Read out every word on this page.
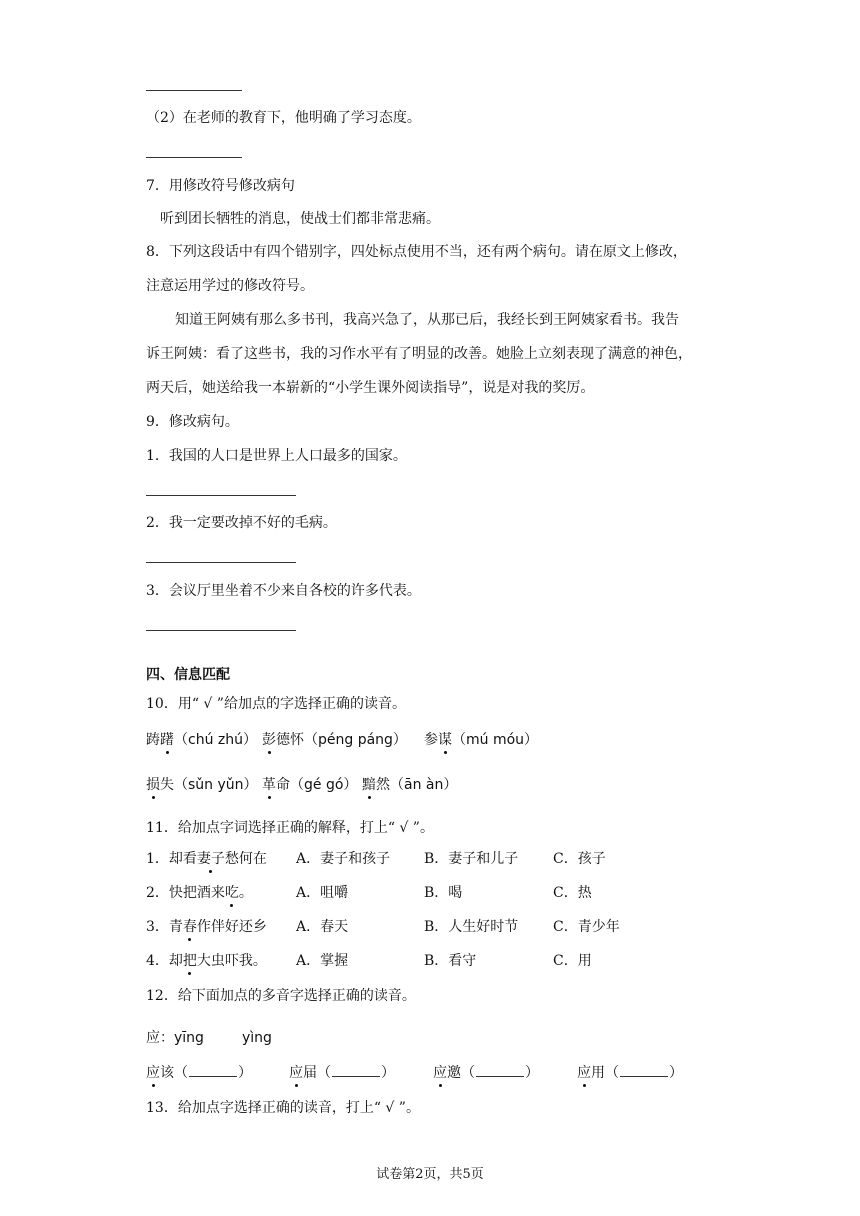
（2）在老师的教育下，他明确了学习态度。
7．用修改符号修改病句
听到团长牺牲的消息，使战士们都非常悲痛。
8．下列这段话中有四个错别字，四处标点使用不当，还有两个病句。请在原文上修改，
注意运用学过的修改符号。
知道王阿姨有那么多书刊，我高兴急了，从那已后，我经长到王阿姨家看书。我告
诉王阿姨：看了这些书，我的习作水平有了明显的改善。她脸上立刻表现了满意的神色，
两天后，她送给我一本崭新的“小学生课外阅读指导”，说是对我的奖厉。
9．修改病句。
1．我国的人口是世界上人口最多的国家。
2．我一定要改掉不好的毛病。
3．会议厅里坐着不少来自各校的许多代表。
四、信息匹配
10．用“ √ ”给加点的字选择正确的读音。
踌躇（chú zhú） 彭德怀（péng páng） 参谋（mú móu）
损失（sǔn yǔn） 革命（gé gó） 黯然（ān àn）
11．给加点字词选择正确的解释，打上“ √ ”。
1．却看妻子愁何在 A．妻子和孩子 B．妻子和儿子 C．孩子
2．快把酒来吃。	A．咀嚼	B．喝	C．热
3．青春作伴好还乡 A．春天	B．人生好时节 C．青少年
4．却把大虫吓我。 A．掌握	B．看守	C．用
12．给下面加点的多音字选择正确的读音。
应：yīng	yìng
应该（	）	应届（	）	应邀（	）	应用（	）
13．给加点字选择正确的读音，打上“ √ ”。
试卷第2页，共5页
